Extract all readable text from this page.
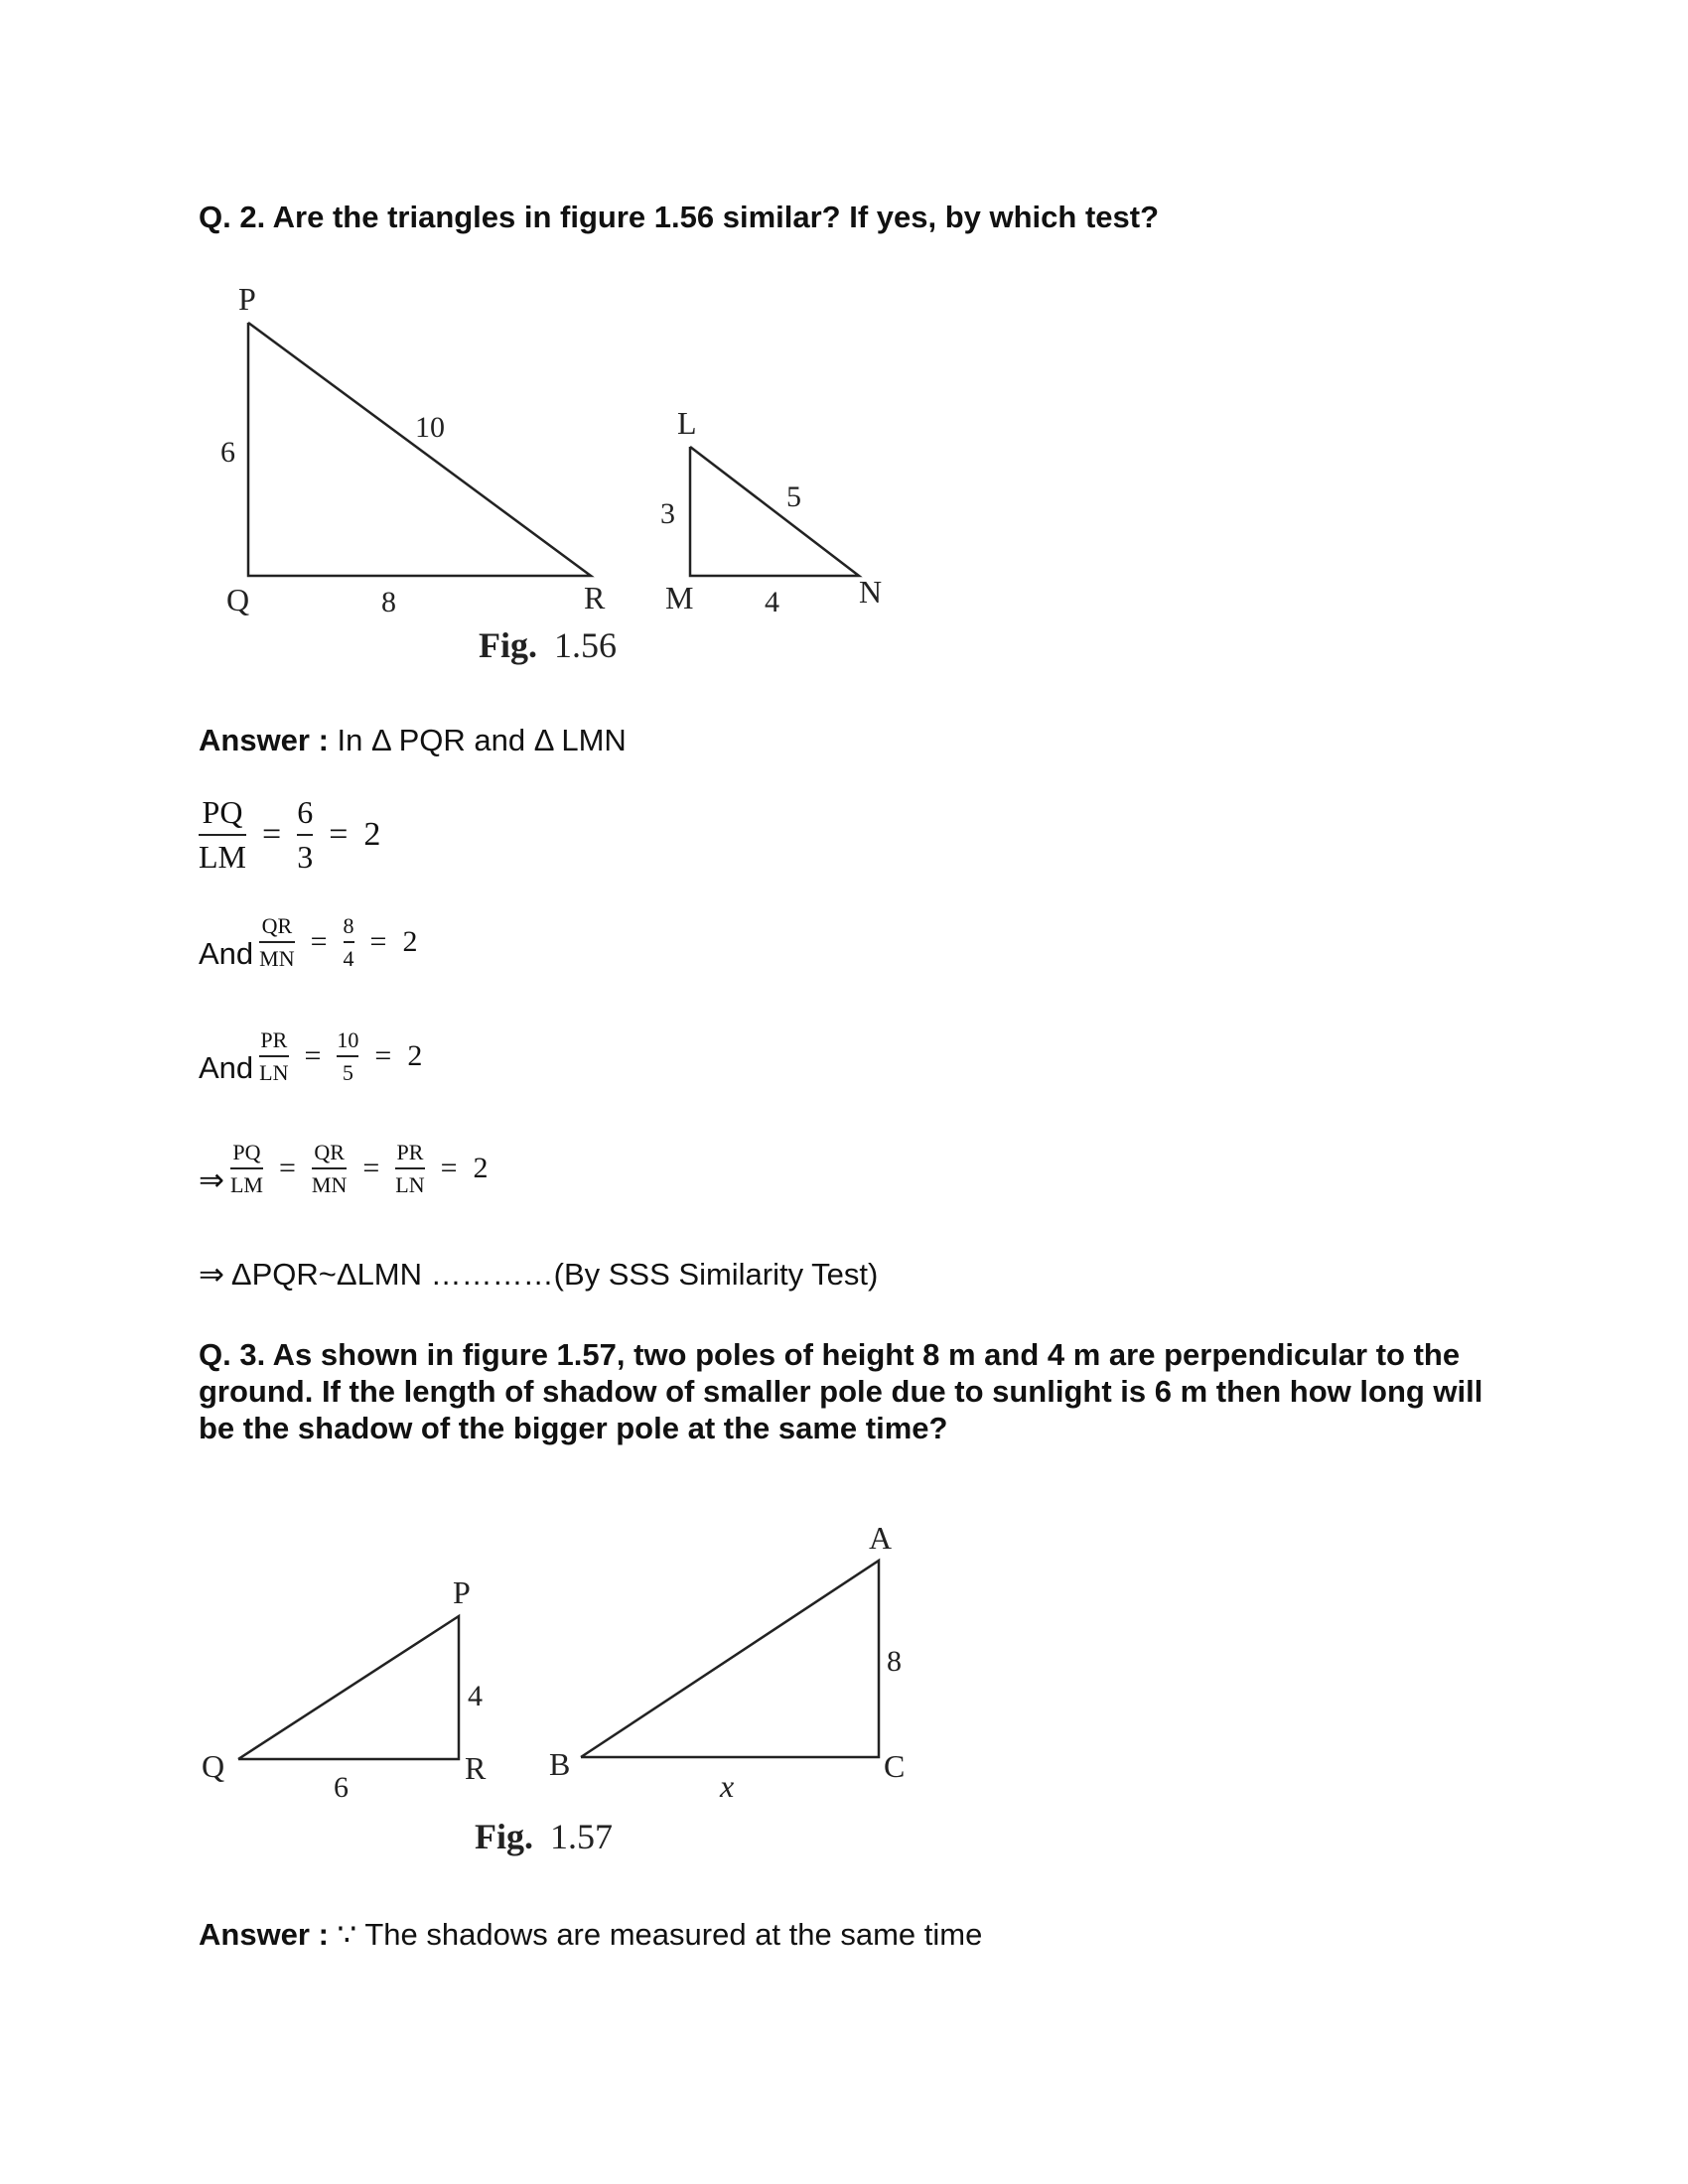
Q. 2. Are the triangles in figure 1.56 similar? If yes, by which test?
P
Q	R
6
10
8
L
M	N
3
5
4
Fig. 1.56
Answer : In Δ PQR and Δ LMN
$\frac{PQ}{LM} = \frac{6}{3} = 2$
And $\frac{QR}{MN} = \frac{8}{4} = 2$
And $\frac{PR}{LN} = \frac{10}{5} = 2$
⇒ $\frac{PQ}{LM} = \frac{QR}{MN} = \frac{PR}{LN} = 2$
⇒ ΔPQR~ΔLMN …………(By SSS Similarity Test)
Q. 3. As shown in figure 1.57, two poles of height 8 m and 4 m are perpendicular to the ground. If the length of shadow of smaller pole due to sunlight is 6 m then how long will be the shadow of the bigger pole at the same time?
P
Q	R
4
6
A
B	C
8
x
Fig. 1.57
Answer : ∵ The shadows are measured at the same time
